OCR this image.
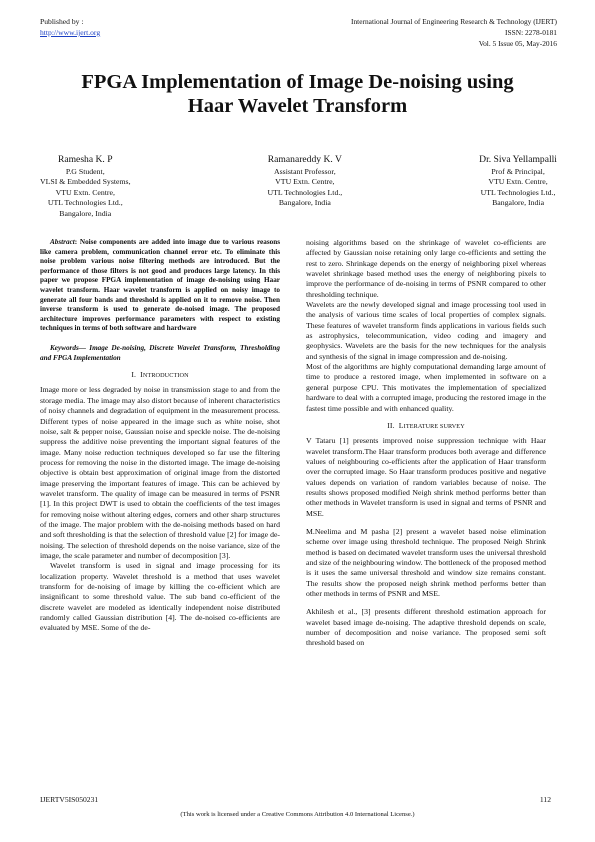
Published by :
http://www.ijert.org
International Journal of Engineering Research & Technology (IJERT)
ISSN: 2278-0181
Vol. 5 Issue 05, May-2016
FPGA Implementation of Image De-noising using
Haar Wavelet Transform
Ramesha K. P
P.G Student,
VLSI & Embedded Systems,
VTU Extn. Centre,
UTL Technologies Ltd.,
Bangalore, India
Ramanareddy K. V
Assistant Professor,
VTU Extn. Centre,
UTL Technologies Ltd.,
Bangalore, India
Dr. Siva Yellampalli
Prof & Principal,
VTU Extn. Centre,
UTL Technologies Ltd.,
Bangalore, India

Abstract: Noise components are added into image due to various reasons like camera problem, communication channel error etc. To eliminate this noise problem various noise filtering methods are introduced. But the performance of those filters is not good and produces large latency. In this paper we propose FPGA implementation of image de-noising using Haar wavelet transform. Haar wavelet transform is applied on noisy image to generate all four bands and threshold is applied on it to remove noise. Then inverse transform is used to generate de-noised image. The proposed architecture improves performance parameters with respect to existing techniques in terms of both software and hardware

Keywords— Image De-noising, Discrete Wavelet Transform, Thresholding and FPGA Implementation

I. INTRODUCTION

Image more or less degraded by noise in transmission stage to and from the storage media. The image may also distort because of inherent characteristics of noisy channels and degradation of equipment in the measurement process. Different types of noise appeared in the image such as white noise, shot noise, salt & pepper noise, Gaussian noise and speckle noise. The de-noising suppress the additive noise preventing the important signal features of the image. Many noise reduction techniques developed so far use the filtering process for removing the noise in the distorted image. The image de-noising objective is obtain best approximation of original image from the distorted image preserving the important features of image. This can be achieved by wavelet transform. The quality of image can be measured in terms of PSNR [1]. In this project DWT is used to obtain the coefficients of the test images for removing noise without altering edges, corners and other sharp structures of the image. The major problem with the de-noising methods based on hard and soft thresholding is that the selection of threshold value [2] for image de-noising. The selection of threshold depends on the noise variance, size of the image, the scale parameter and number of decomposition [3].

Wavelet transform is used in signal and image processing for its localization property. Wavelet threshold is a method that uses wavelet transform for de-noising of image by killing the co-efficient which are insignificant to some threshold value. The sub band co-efficient of the discrete wavelet are modeled as identically independent noise distributed randomly called Gaussian distribution [4]. The de-noised co-efficients are evaluated by MSE. Some of the de-

noising algorithms based on the shrinkage of wavelet co-efficients are affected by Gaussian noise retaining only large co-efficients and setting the rest to zero. Shrinkage depends on the energy of neighboring pixel whereas wavelet shrinkage based method uses the energy of neighboring pixels to improve the performance of de-noising in terms of PSNR compared to other thresholding technique.

Wavelets are the newly developed signal and image processing tool used in the analysis of various time scales of local properties of complex signals. These features of wavelet transform finds applications in various fields such as astrophysics, telecommunication, video coding and imagery and geophysics. Wavelets are the basis for the new techniques for the analysis and synthesis of the signal in image compression and de-noising.

Most of the algorithms are highly computational demanding large amount of time to produce a restored image, when implemented in software on a general purpose CPU. This motivates the implementation of specialized hardware to deal with a corrupted image, producing the restored image in the fastest time possible and with enhanced quality.

II. LITERATURE SURVEY

V Tataru [1] presents improved noise suppression technique with Haar wavelet transform.The Haar transform produces both average and difference values of neighbouring co-efficients after the application of Haar transform over the corrupted image. So Haar transform produces positive and negative values depends on variation of random variables because of noise. The results shows proposed modified Neigh shrink method performs better than other methods in Wavelet transform is used in signal and terms of PSNR and MSE.

M.Neelima and M pasha [2] present a wavelet based noise elimination scheme over image using threshold technique. The proposed Neigh Shrink method is based on decimated wavelet transform uses the universal threshold and size of the neighbouring window. The bottleneck of the proposed method is it uses the same universal threshold and window size remains constant. The results show the proposed neigh shrink method performs better than other methods in terms of PSNR and MSE.

Akhilesh et al., [3] presents different threshold estimation approach for wavelet based image de-noising. The adaptive threshold depends on scale, number of decomposition and noise variance. The proposed semi soft threshold based on

IJERTV5IS050231	112
(This work is licensed under a Creative Commons Attribution 4.0 International License.)
